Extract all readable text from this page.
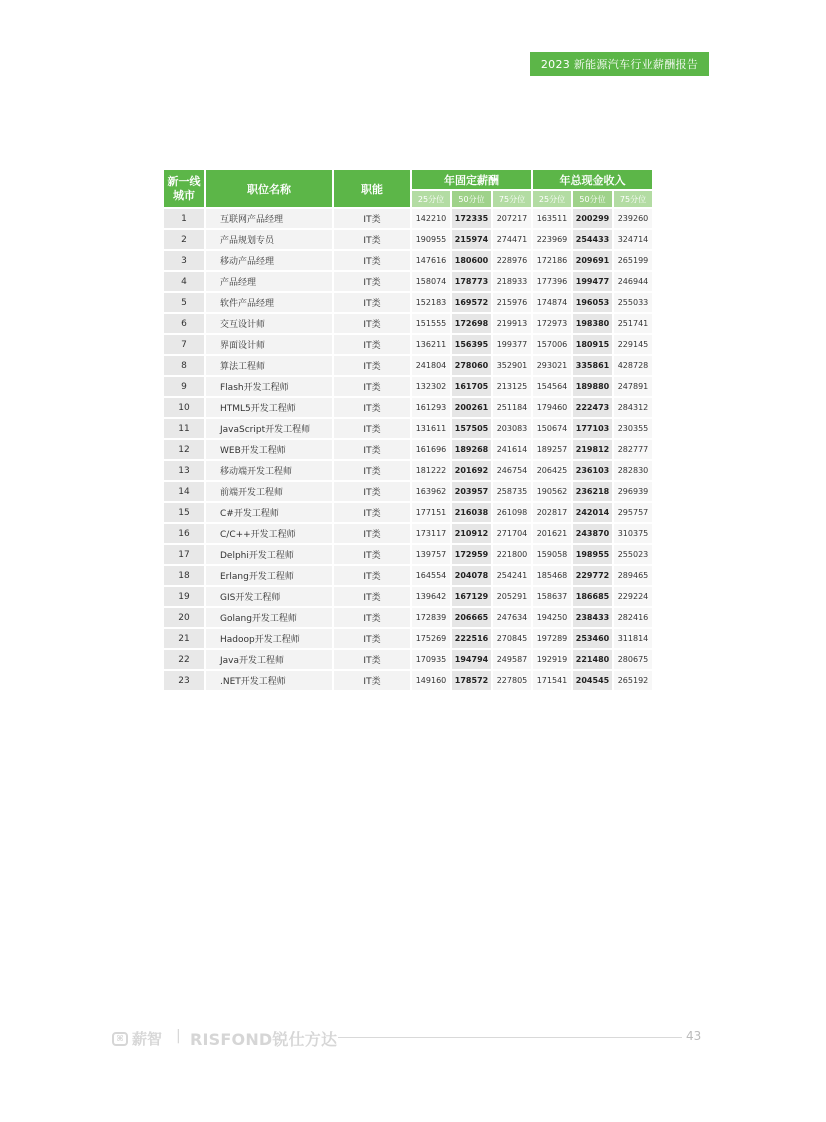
2023 新能源汽车行业薪酬报告
新一线
城市	职位名称	职能	年固定薪酬			年总现金收入		
			25分位	50分位	75分位	25分位	50分位	75分位
1	互联网产品经理	IT类	142210	172335	207217	163511	200299	239260
2	产品规划专员	IT类	190955	215974	274471	223969	254433	324714
3	移动产品经理	IT类	147616	180600	228976	172186	209691	265199
4	产品经理	IT类	158074	178773	218933	177396	199477	246944
5	软件产品经理	IT类	152183	169572	215976	174874	196053	255033
6	交互设计师	IT类	151555	172698	219913	172973	198380	251741
7	界面设计师	IT类	136211	156395	199377	157006	180915	229145
8	算法工程师	IT类	241804	278060	352901	293021	335861	428728
9	Flash开发工程师	IT类	132302	161705	213125	154564	189880	247891
10	HTML5开发工程师	IT类	161293	200261	251184	179460	222473	284312
11	JavaScript开发工程师	IT类	131611	157505	203083	150674	177103	230355
12	WEB开发工程师	IT类	161696	189268	241614	189257	219812	282777
13	移动端开发工程师	IT类	181222	201692	246754	206425	236103	282830
14	前端开发工程师	IT类	163962	203957	258735	190562	236218	296939
15	C#开发工程师	IT类	177151	216038	261098	202817	242014	295757
16	C/C++开发工程师	IT类	173117	210912	271704	201621	243870	310375
17	Delphi开发工程师	IT类	139757	172959	221800	159058	198955	255023
18	Erlang开发工程师	IT类	164554	204078	254241	185468	229772	289465
19	GIS开发工程师	IT类	139642	167129	205291	158637	186685	229224
20	Golang开发工程师	IT类	172839	206665	247634	194250	238433	282416
21	Hadoop开发工程师	IT类	175269	222516	270845	197289	253460	311814
22	Java开发工程师	IT类	170935	194794	249587	192919	221480	280675
23	.NET开发工程师	IT类	149160	178572	227805	171541	204545	265192
⌘ 薪智 | RISFOND锐仕方达	43
